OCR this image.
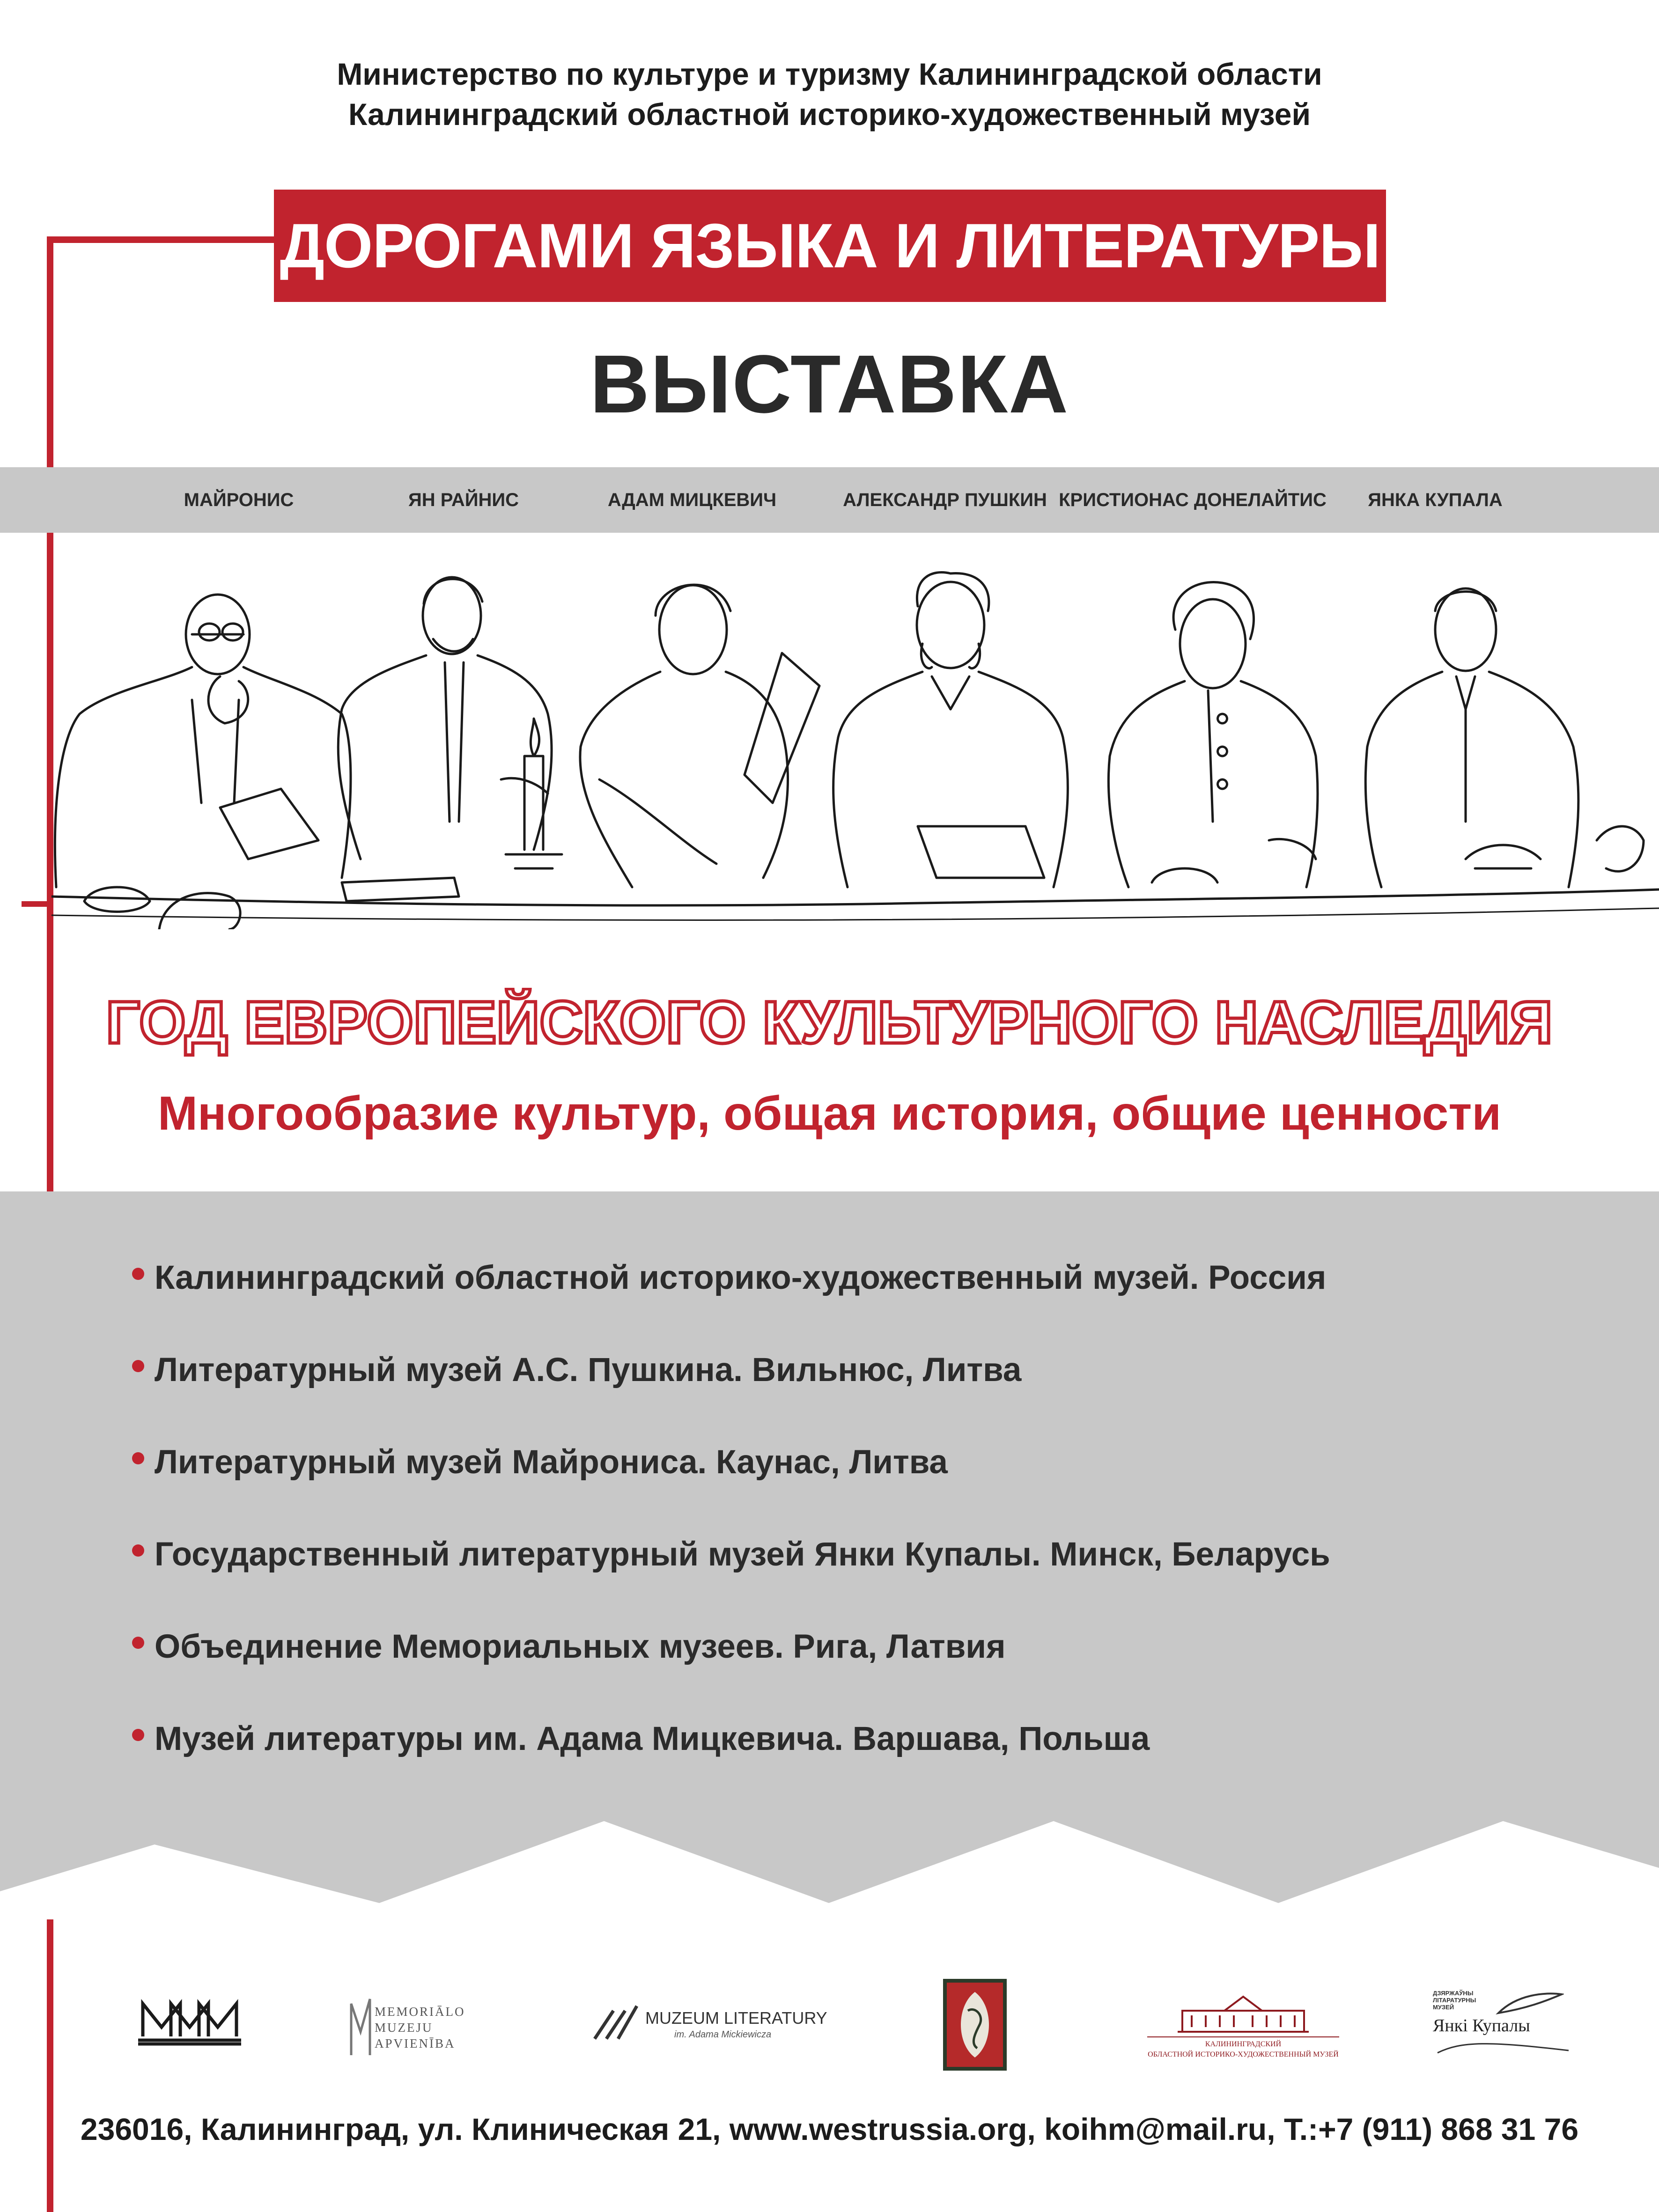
Министерство по культуре и туризму Калининградской области
Калининградский областной историко-художественный музей
ДОРОГАМИ ЯЗЫКА И ЛИТЕРАТУРЫ
ВЫСТАВКА
МАЙРОНИС	ЯН РАЙНИС	АДАМ МИЦКЕВИЧ	АЛЕКСАНДР ПУШКИН КРИСТИОНАС ДОНЕЛАЙТИС ЯНКА КУПАЛА
ГОД ЕВРОПЕЙСКОГО КУЛЬТУРНОГО НАСЛЕДИЯ
Многообразие культур, общая история, общие ценности
Калининградский областной историко-художественный музей. Россия
Литературный музей А.С. Пушкина. Вильнюс, Литва
Литературный музей Майрониса. Каунас, Литва
Государственный литературный музей Янки Купалы. Минск, Беларусь
Объединение Мемориальных музеев. Рига, Латвия
Музей литературы им. Адама Мицкевича. Варшава, Польша
MEMORIĀLO
MUZEJU
APVIENĪBA
MUZEUM LITERATURY
im. Adama Mickiewicza
КАЛИНИНГРАДСКИЙ
ОБЛАСТНОЙ ИСТОРИКО-ХУДОЖЕСТВЕННЫЙ МУЗЕЙ
ДЗЯРЖАЎНЫ
ЛІТАРАТУРНЫ
МУЗЕЙ
Янкі Купалы
236016, Калининград, ул. Клиническая 21, www.westrussia.org, koihm@mail.ru, Т.:+7 (911) 868 31 76
